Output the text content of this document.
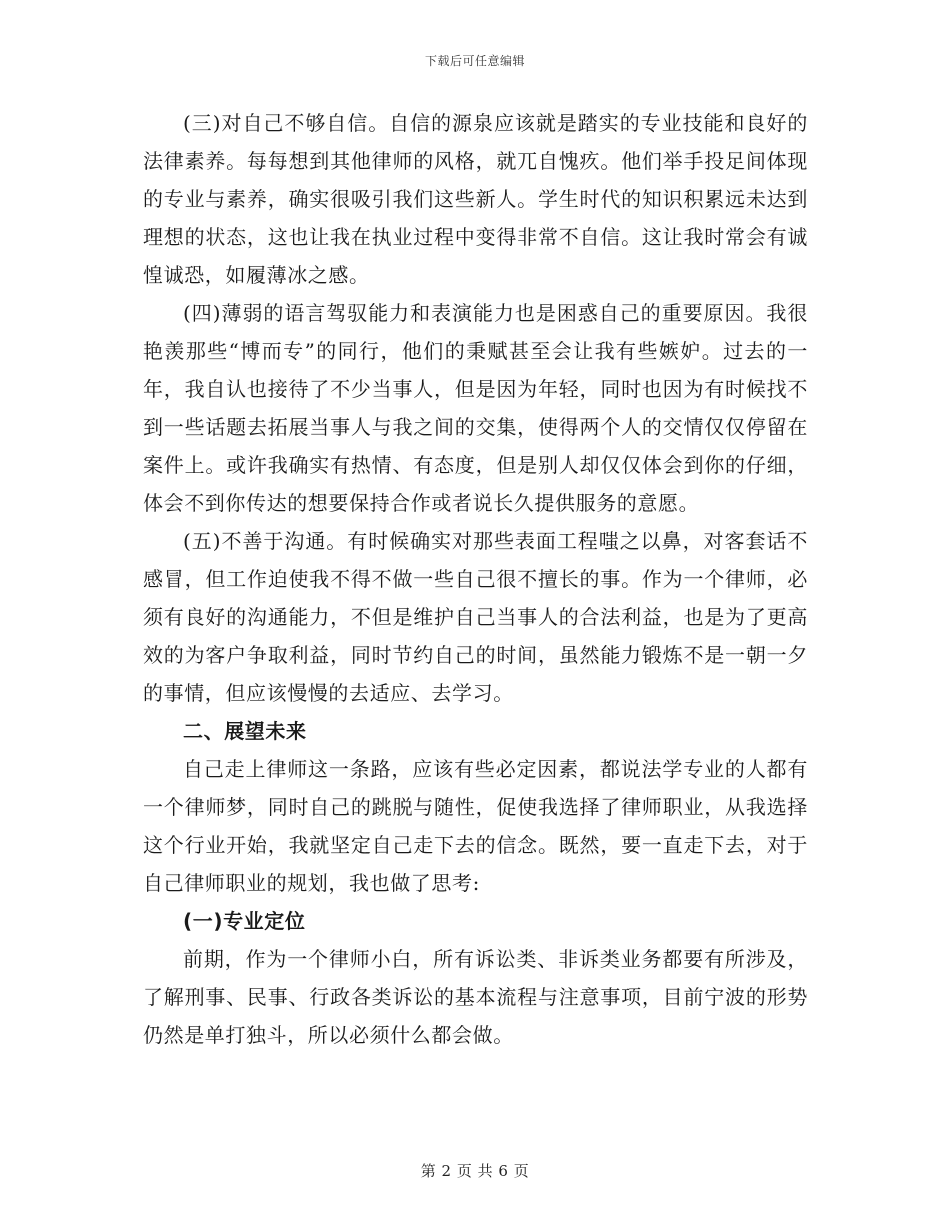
下载后可任意编辑

(三)对自己不够自信。自信的源泉应该就是踏实的专业技能和良好的法律素养。每每想到其他律师的风格，就兀自愧疚。他们举手投足间体现的专业与素养，确实很吸引我们这些新人。学生时代的知识积累远未达到理想的状态，这也让我在执业过程中变得非常不自信。这让我时常会有诚惶诚恐，如履薄冰之感。

(四)薄弱的语言驾驭能力和表演能力也是困惑自己的重要原因。我很艳羡那些“博而专”的同行，他们的秉赋甚至会让我有些嫉妒。过去的一年，我自认也接待了不少当事人，但是因为年轻，同时也因为有时候找不到一些话题去拓展当事人与我之间的交集，使得两个人的交情仅仅停留在案件上。或许我确实有热情、有态度，但是别人却仅仅体会到你的仔细，体会不到你传达的想要保持合作或者说长久提供服务的意愿。

(五)不善于沟通。有时候确实对那些表面工程嗤之以鼻，对客套话不感冒，但工作迫使我不得不做一些自己很不擅长的事。作为一个律师，必须有良好的沟通能力，不但是维护自己当事人的合法利益，也是为了更高效的为客户争取利益，同时节约自己的时间，虽然能力锻炼不是一朝一夕的事情，但应该慢慢的去适应、去学习。

二、展望未来

自己走上律师这一条路，应该有些必定因素，都说法学专业的人都有一个律师梦，同时自己的跳脱与随性，促使我选择了律师职业，从我选择这个行业开始，我就坚定自己走下去的信念。既然，要一直走下去，对于自己律师职业的规划，我也做了思考:

(一)专业定位

前期，作为一个律师小白，所有诉讼类、非诉类业务都要有所涉及，了解刑事、民事、行政各类诉讼的基本流程与注意事项，目前宁波的形势仍然是单打独斗，所以必须什么都会做。

第 2 页 共 6 页
